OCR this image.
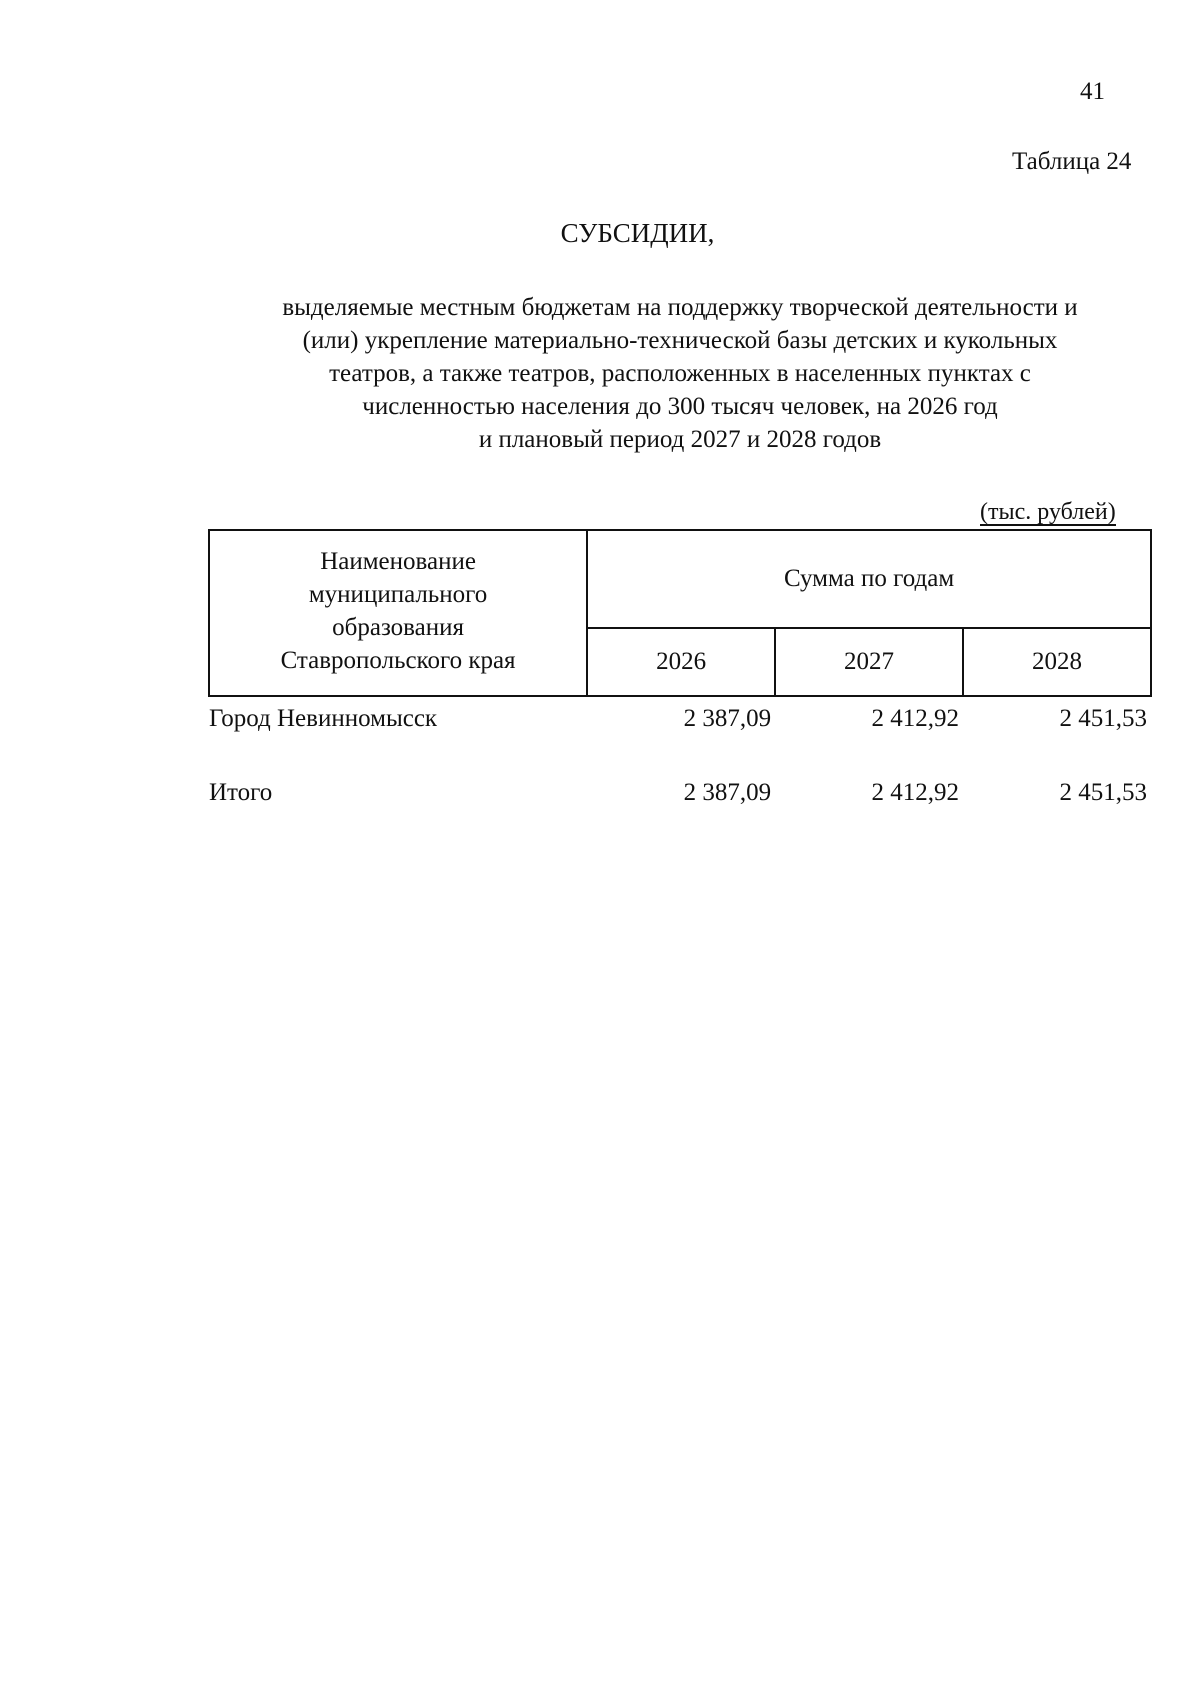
41
Таблица 24
СУБСИДИИ,
выделяемые местным бюджетам на поддержку творческой деятельности и
(или) укрепление материально-технической базы детских и кукольных
театров, а также театров, расположенных в населенных пунктах с
численностью населения до 300 тысяч человек, на 2026 год
и плановый период 2027 и 2028 годов
(тыс. рублей)
Наименование
муниципального
образования
Ставропольского края	Сумма по годам		
	2026	2027	2028
Город Невинномысск	2 387,09	2 412,92	2 451,53

Итого	2 387,09	2 412,92	2 451,53
